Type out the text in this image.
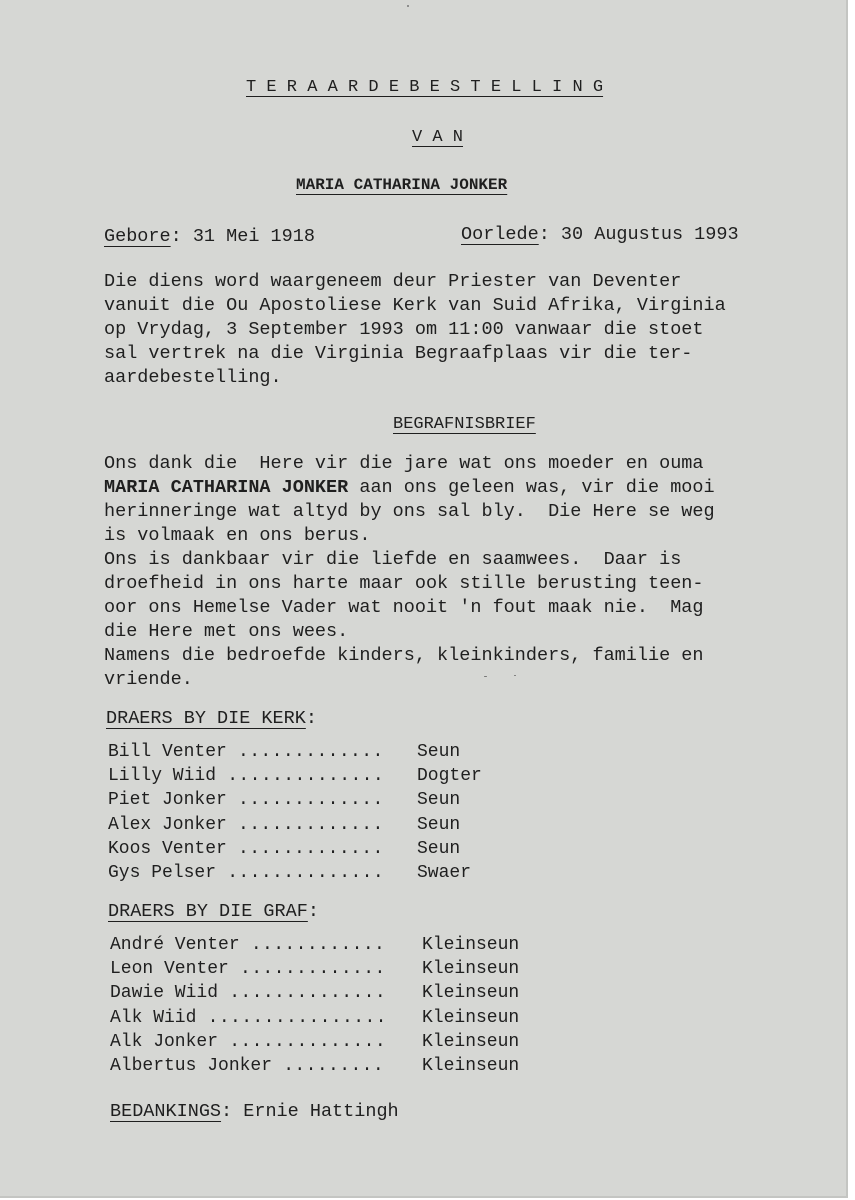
T E R A A R D E B E S T E L L I N G
V A N
MARIA CATHARINA JONKER
Gebore: 31 Mei 1918	Oorlede: 30 Augustus 1993
Die diens word waargeneem deur Priester van Deventer
vanuit die Ou Apostoliese Kerk van Suid Afrika, Virginia
op Vrydag, 3 September 1993 om 11:00 vanwaar die stoet
sal vertrek na die Virginia Begraafplaas vir die ter-
aardebestelling.
BEGRAFNISBRIEF
Ons dank die  Here vir die jare wat ons moeder en ouma
MARIA CATHARINA JONKER aan ons geleen was, vir die mooi
herinneringe wat altyd by ons sal bly.  Die Here se weg
is volmaak en ons berus.
Ons is dankbaar vir die liefde en saamwees.  Daar is
droefheid in ons harte maar ook stille berusting teen-
oor ons Hemelse Vader wat nooit 'n fout maak nie.  Mag
die Here met ons wees.
Namens die bedroefde kinders, kleinkinders, familie en
vriende.
DRAERS BY DIE KERK:
Bill Venter ............. Seun
Lilly Wiid .............. Dogter
Piet Jonker ............. Seun
Alex Jonker ............. Seun
Koos Venter ............. Seun
Gys Pelser .............. Swaer
DRAERS BY DIE GRAF:
André Venter ............ Kleinseun
Leon Venter ............. Kleinseun
Dawie Wiid .............. Kleinseun
Alk Wiid ................ Kleinseun
Alk Jonker .............. Kleinseun
Albertus Jonker ......... Kleinseun
BEDANKINGS: Ernie Hattingh
